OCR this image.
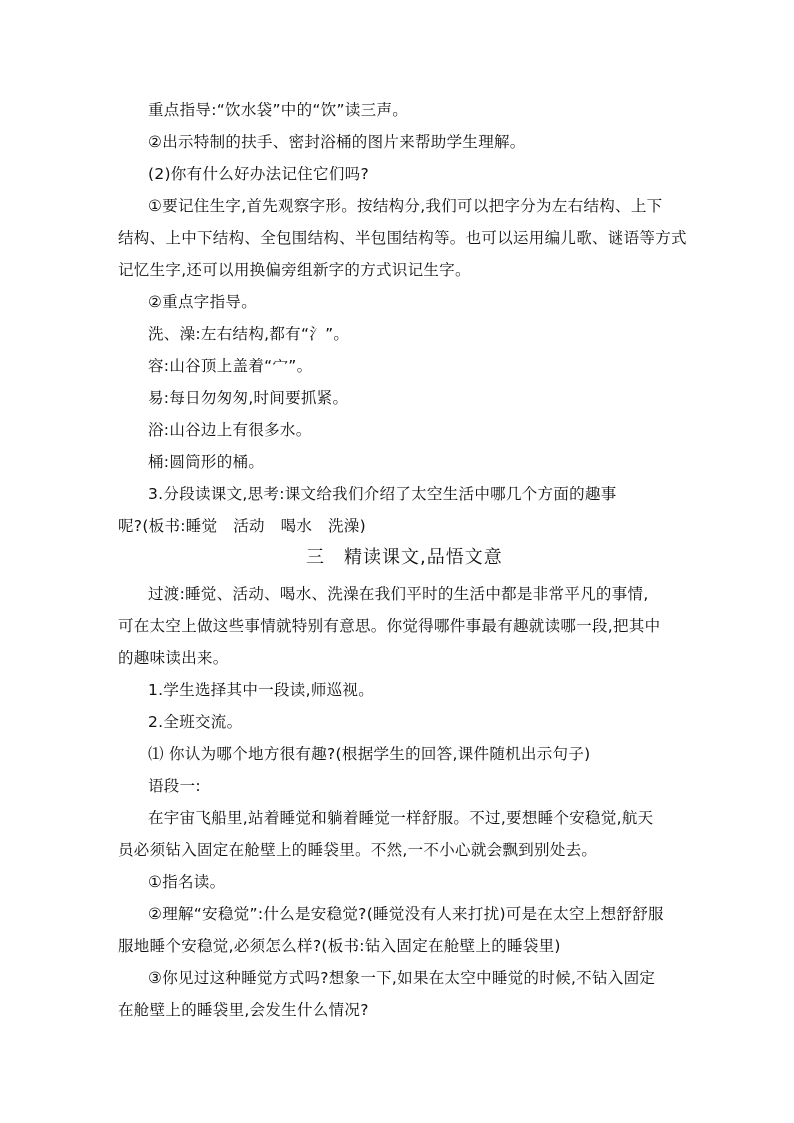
重点指导:“饮水袋”中的“饮”读三声。
②出示特制的扶手、密封浴桶的图片来帮助学生理解。
(2)你有什么好办法记住它们吗?
①要记住生字,首先观察字形。按结构分,我们可以把字分为左右结构、上下
结构、上中下结构、全包围结构、半包围结构等。也可以运用编儿歌、谜语等方式
记忆生字,还可以用换偏旁组新字的方式识记生字。
②重点字指导。
洗、澡:左右结构,都有“氵”。
容:山谷顶上盖着“宀”。
易:每日勿匆匆,时间要抓紧。
浴:山谷边上有很多水。
桶:圆筒形的桶。
3.分段读课文,思考:课文给我们介绍了太空生活中哪几个方面的趣事
呢?(板书:睡觉　活动　喝水　洗澡)
三　精读课文,品悟文意
过渡:睡觉、活动、喝水、洗澡在我们平时的生活中都是非常平凡的事情,
可在太空上做这些事情就特别有意思。你觉得哪件事最有趣就读哪一段,把其中
的趣味读出来。
1.学生选择其中一段读,师巡视。
2.全班交流。
⑴ 你认为哪个地方很有趣?(根据学生的回答,课件随机出示句子)
语段一:
在宇宙飞船里,站着睡觉和躺着睡觉一样舒服。不过,要想睡个安稳觉,航天
员必须钻入固定在舱壁上的睡袋里。不然,一不小心就会飘到别处去。
①指名读。
②理解“安稳觉”:什么是安稳觉?(睡觉没有人来打扰)可是在太空上想舒舒服
服地睡个安稳觉,必须怎么样?(板书:钻入固定在舱壁上的睡袋里)
③你见过这种睡觉方式吗?想象一下,如果在太空中睡觉的时候,不钻入固定
在舱壁上的睡袋里,会发生什么情况?
